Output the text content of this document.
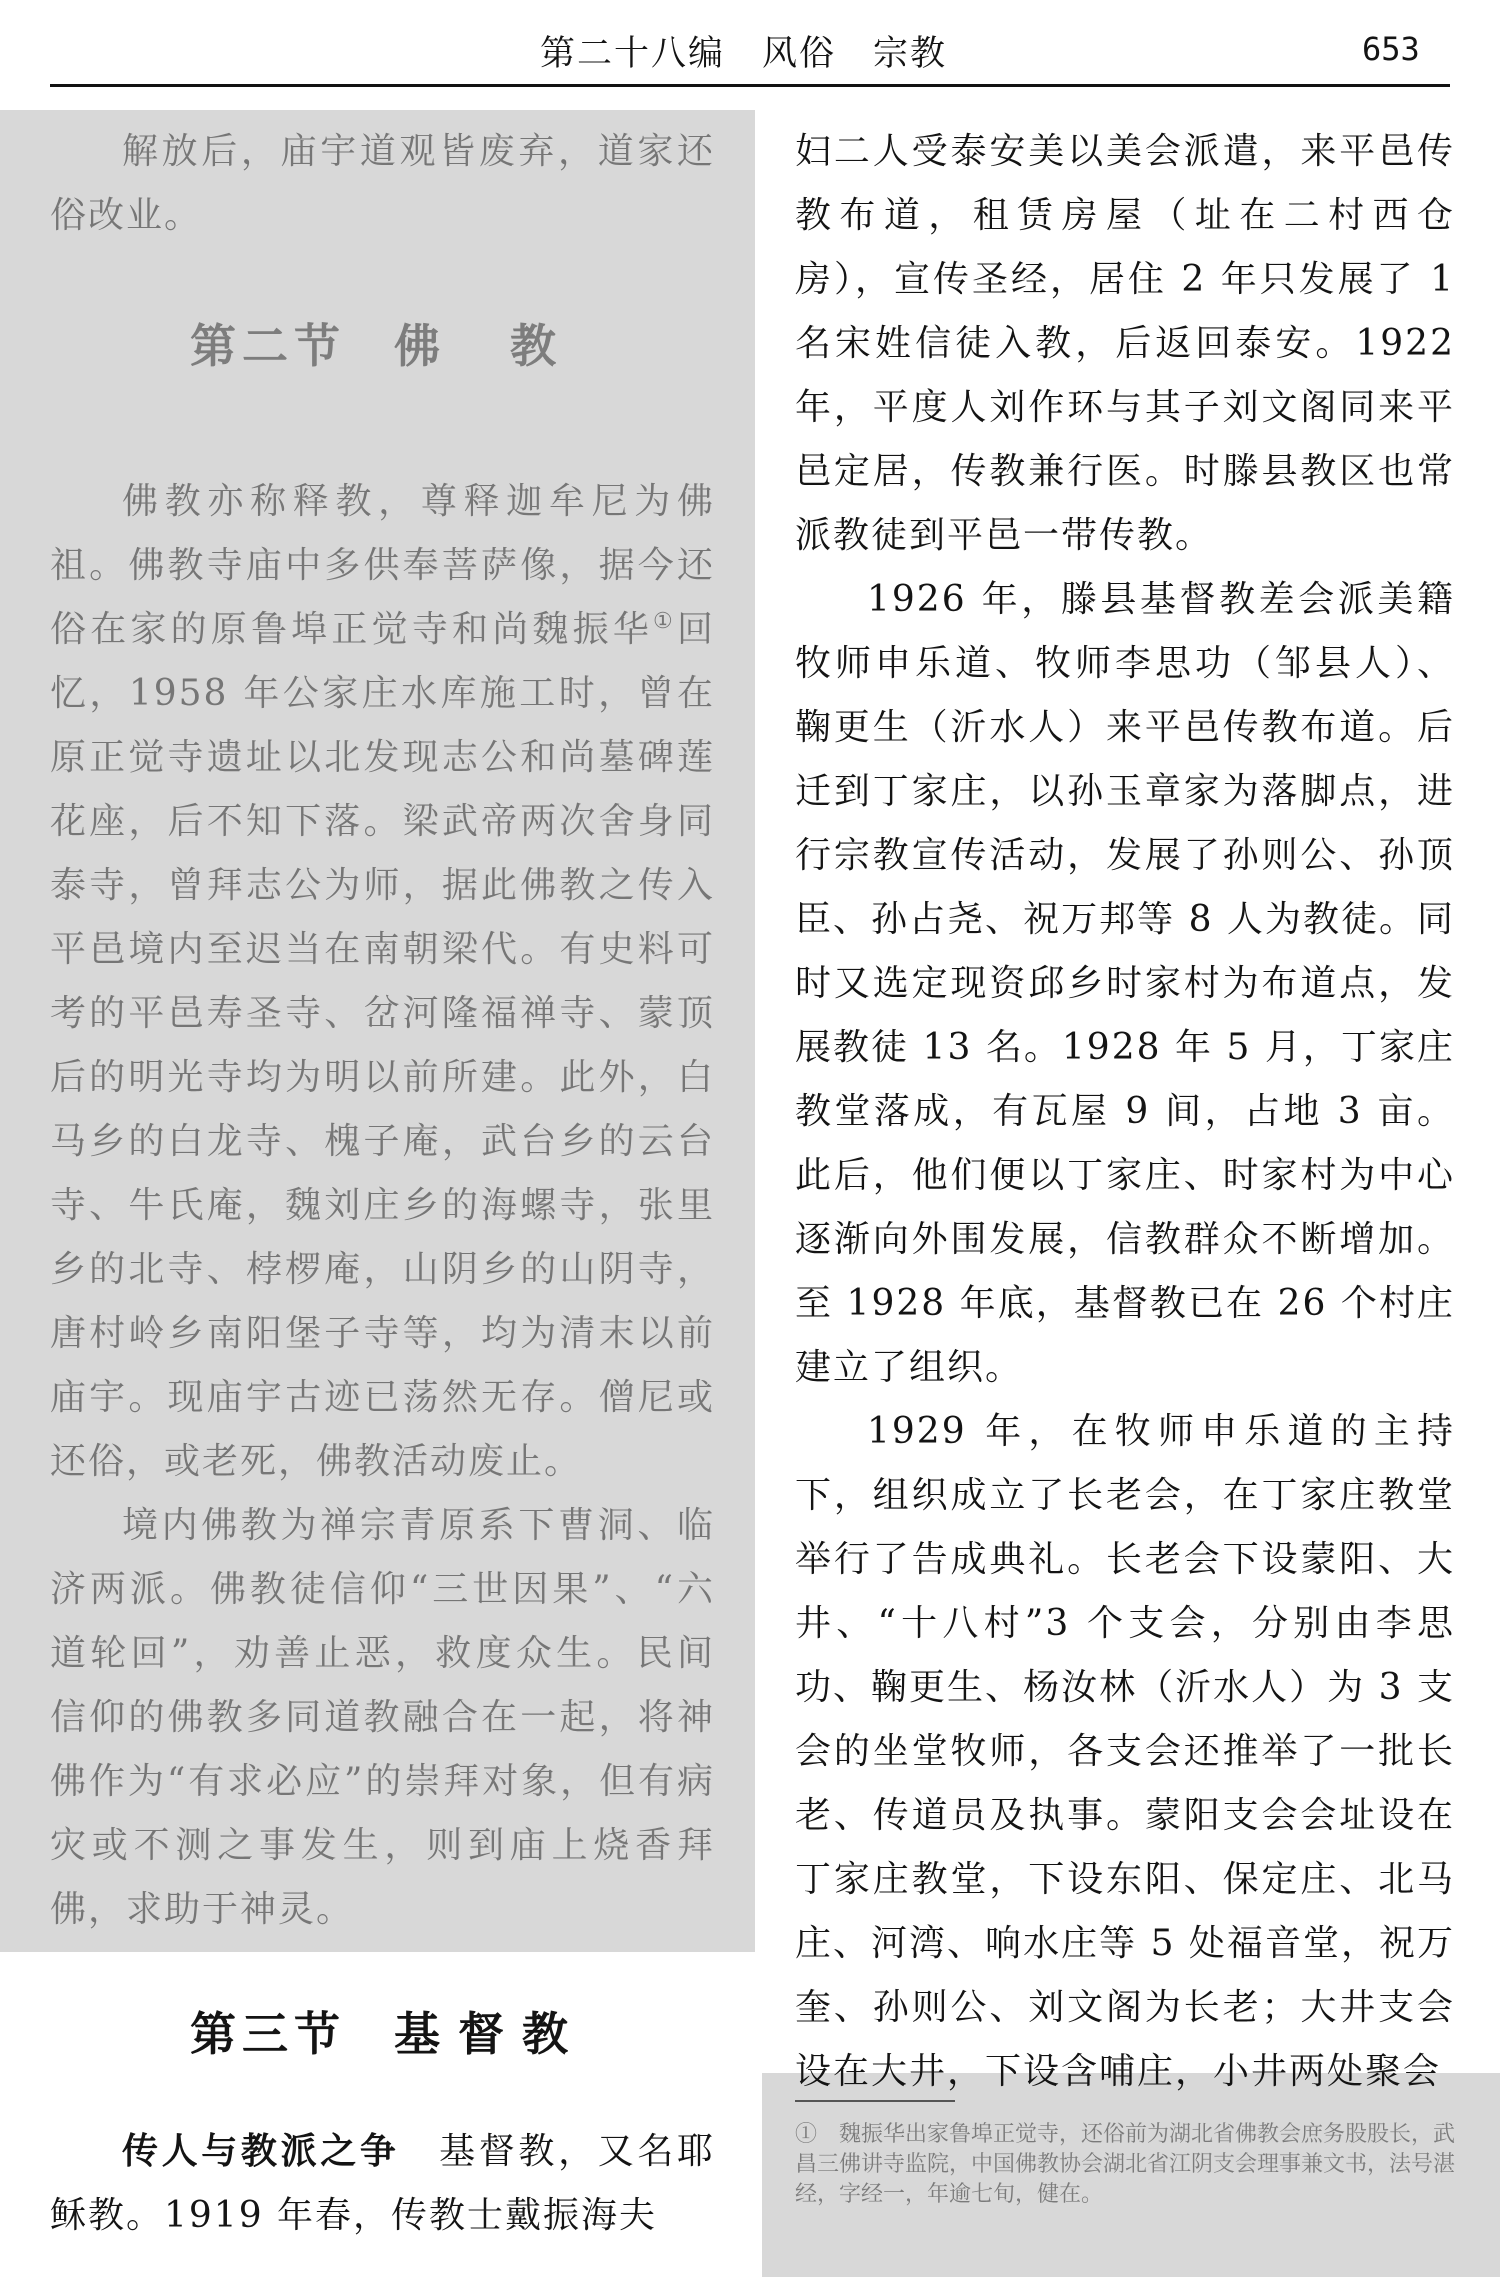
第二十八编　风俗　宗教	653

解放后，庙宇道观皆废弃，道家还俗改业。

佛教亦称释教，尊释迦牟尼为佛祖。佛教寺庙中多供奉菩萨像，据今还俗在家的原鲁埠正觉寺和尚魏振华①回忆，1958 年公家庄水库施工时，曾在原正觉寺遗址以北发现志公和尚墓碑莲花座，后不知下落。梁武帝两次舍身同泰寺，曾拜志公为师，据此佛教之传入平邑境内至迟当在南朝梁代。有史料可考的平邑寿圣寺、岔河隆福禅寺、蒙顶后的明光寺均为明以前所建。此外，白马乡的白龙寺、槐子庵，武台乡的云台寺、牛氏庵，魏刘庄乡的海螺寺，张里乡的北寺、桲椤庵，山阴乡的山阴寺，唐村岭乡南阳堡子寺等，均为清末以前庙宇。现庙宇古迹已荡然无存。僧尼或还俗，或老死，佛教活动废止。

境内佛教为禅宗青原系下曹洞、临济两派。佛教徒信仰“三世因果”、“六道轮回”，劝善止恶，救度众生。民间信仰的佛教多同道教融合在一起，将神佛作为“有求必应”的崇拜对象，但有病灾或不测之事发生，则到庙上烧香拜佛，求助于神灵。

第二节 佛教
第三节 基督教

传人与教派之争　基督教，又名耶稣教。1919 年春，传教士戴振海夫

妇二人受泰安美以美会派遣，来平邑传教布道，租赁房屋（址在二村西仓房），宣传圣经，居住 2 年只发展了 1 名宋姓信徒入教，后返回泰安。1922 年，平度人刘作环与其子刘文阁同来平邑定居，传教兼行医。时滕县教区也常派教徒到平邑一带传教。

1926 年，滕县基督教差会派美籍牧师申乐道、牧师李思功（邹县人）、鞠更生（沂水人）来平邑传教布道。后迁到丁家庄，以孙玉章家为落脚点，进行宗教宣传活动，发展了孙则公、孙顶臣、孙占尧、祝万邦等 8 人为教徒。同时又选定现资邱乡时家村为布道点，发展教徒 13 名。1928 年 5 月，丁家庄教堂落成，有瓦屋 9 间，占地 3 亩。此后，他们便以丁家庄、时家村为中心逐渐向外围发展，信教群众不断增加。至 1928 年底，基督教已在 26 个村庄建立了组织。

1929 年，在牧师申乐道的主持下，组织成立了长老会，在丁家庄教堂举行了告成典礼。长老会下设蒙阳、大井、“十八村”3 个支会，分别由李思功、鞠更生、杨汝林（沂水人）为 3 支会的坐堂牧师，各支会还推举了一批长老、传道员及执事。蒙阳支会会址设在丁家庄教堂，下设东阳、保定庄、北马庄、河湾、响水庄等 5 处福音堂，祝万奎、孙则公、刘文阁为长老；大井支会设在大井，下设含哺庄，小井两处聚会

①　魏振华出家鲁埠正觉寺，还俗前为湖北省佛教会庶务股股长，武昌三佛讲寺监院，中国佛教协会湖北省江阴支会理事兼文书，法号湛经，字经一，年逾七旬，健在。
